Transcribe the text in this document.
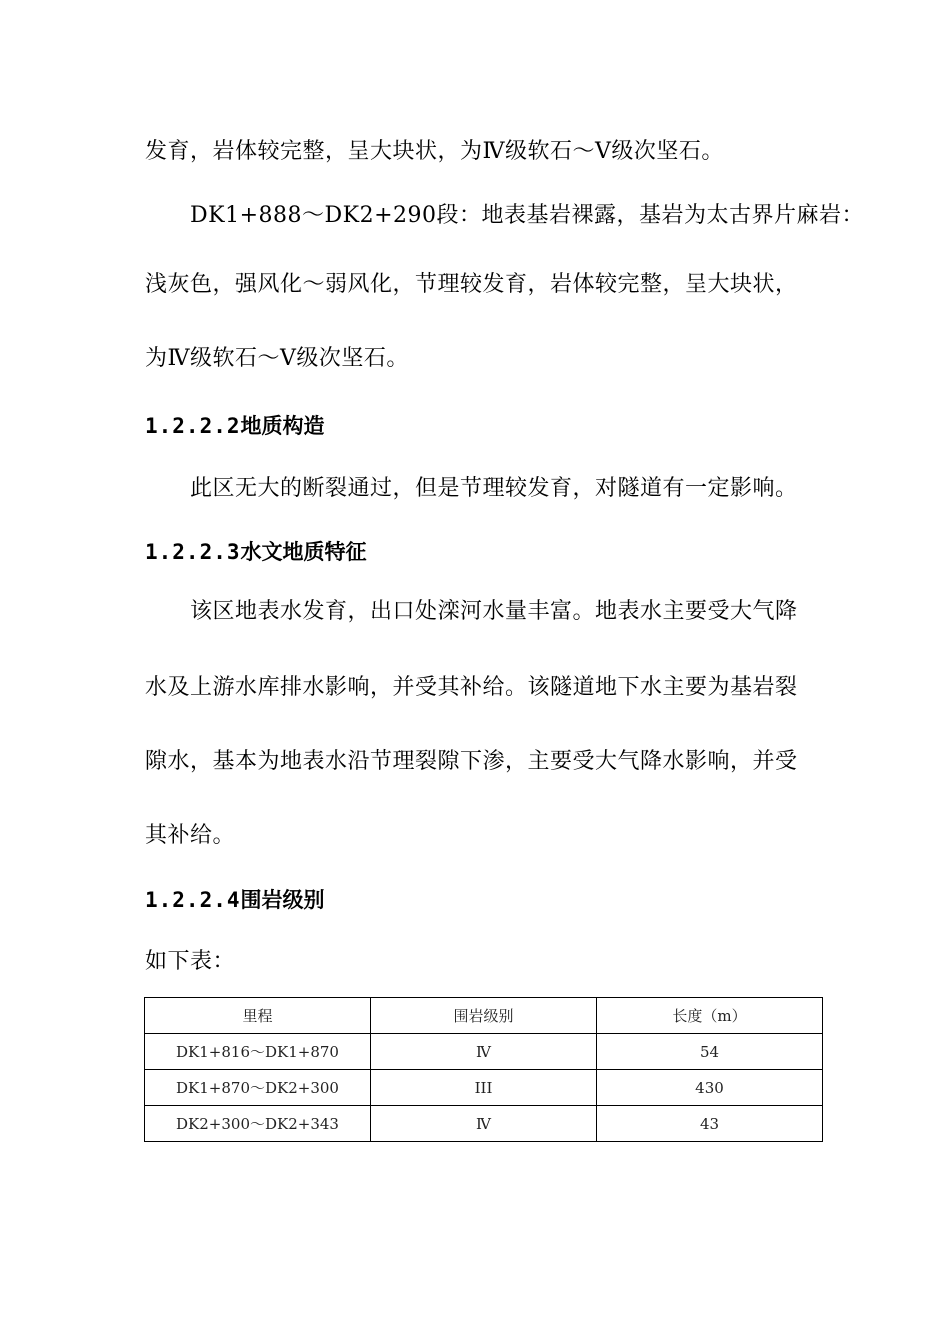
发育，岩体较完整，呈大块状，为Ⅳ级软石～Ⅴ级次坚石。
DK1+888～DK2+290段：地表基岩裸露，基岩为太古界片麻岩：
浅灰色，强风化～弱风化，节理较发育，岩体较完整，呈大块状，
为Ⅳ级软石～Ⅴ级次坚石。
1.2.2.2地质构造
此区无大的断裂通过，但是节理较发育，对隧道有一定影响。
1.2.2.3水文地质特征
该区地表水发育，出口处滦河水量丰富。地表水主要受大气降
水及上游水库排水影响，并受其补给。该隧道地下水主要为基岩裂
隙水，基本为地表水沿节理裂隙下渗，主要受大气降水影响，并受
其补给。
1.2.2.4围岩级别
如下表：
里程	围岩级别	长度（m）
DK1+816～DK1+870	Ⅳ	54
DK1+870～DK2+300	III	430
DK2+300～DK2+343	Ⅳ	43
